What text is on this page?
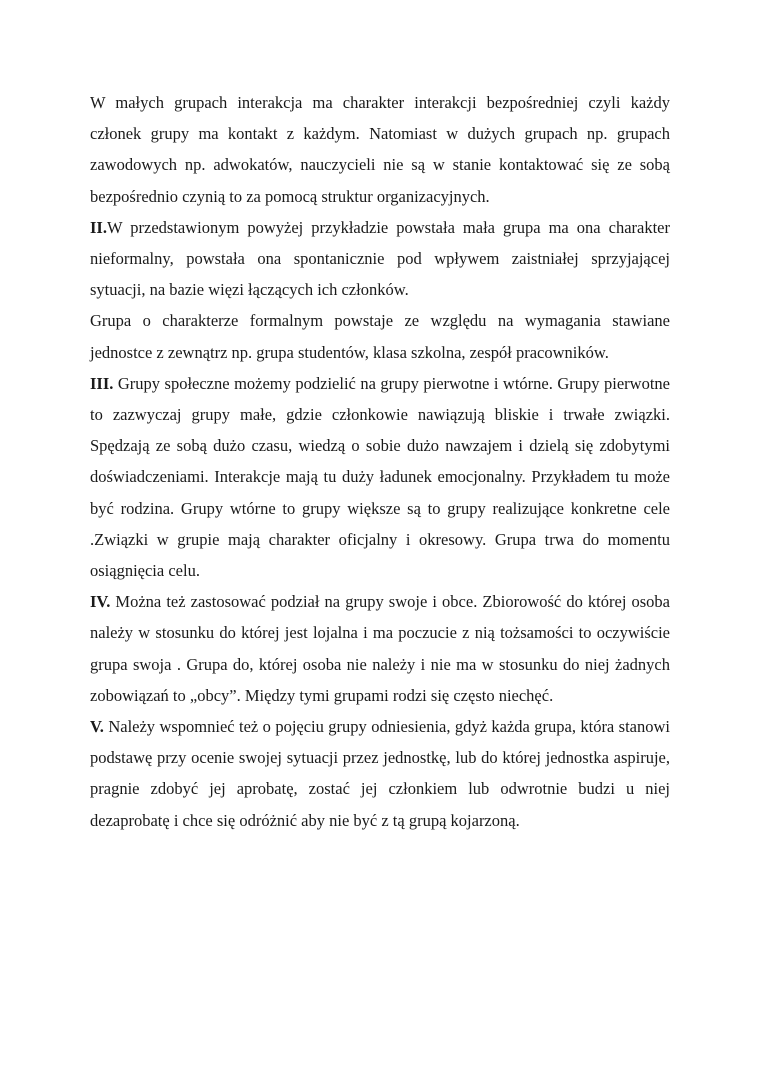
W małych grupach interakcja ma charakter interakcji bezpośredniej czyli każdy członek grupy ma kontakt z każdym. Natomiast w dużych grupach np. grupach zawodowych np. adwokatów, nauczycieli nie są w stanie kontaktować się ze sobą bezpośrednio czynią to za pomocą struktur organizacyjnych.

II.W przedstawionym powyżej przykładzie powstała mała grupa ma ona charakter nieformalny, powstała ona spontanicznie pod wpływem zaistniałej sprzyjającej sytuacji, na bazie więzi łączących ich członków.

Grupa o charakterze formalnym powstaje ze względu na wymagania stawiane jednostce z zewnątrz np. grupa studentów, klasa szkolna, zespół pracowników.

III. Grupy społeczne możemy podzielić na grupy pierwotne i wtórne. Grupy pierwotne to zazwyczaj grupy małe, gdzie członkowie nawiązują bliskie i trwałe związki. Spędzają ze sobą dużo czasu, wiedzą o sobie dużo nawzajem i dzielą się zdobytymi doświadczeniami. Interakcje mają tu duży ładunek emocjonalny. Przykładem tu może być rodzina. Grupy wtórne to grupy większe są to grupy realizujące konkretne cele .Związki w grupie mają charakter oficjalny i okresowy. Grupa trwa do momentu osiągnięcia celu.

IV. Można też zastosować podział na grupy swoje i obce. Zbiorowość do której osoba należy w stosunku do której jest lojalna i ma poczucie z nią tożsamości to oczywiście grupa swoja . Grupa do, której osoba nie należy i nie ma w stosunku do niej żadnych zobowiązań to „obcy”. Między tymi grupami rodzi się często niechęć.

V. Należy wspomnieć też o pojęciu grupy odniesienia, gdyż każda grupa, która stanowi podstawę przy ocenie swojej sytuacji przez jednostkę, lub do której jednostka aspiruje, pragnie zdobyć jej aprobatę, zostać jej członkiem lub odwrotnie budzi u niej dezaprobatę i chce się odróżnić aby nie być z tą grupą kojarzoną.
